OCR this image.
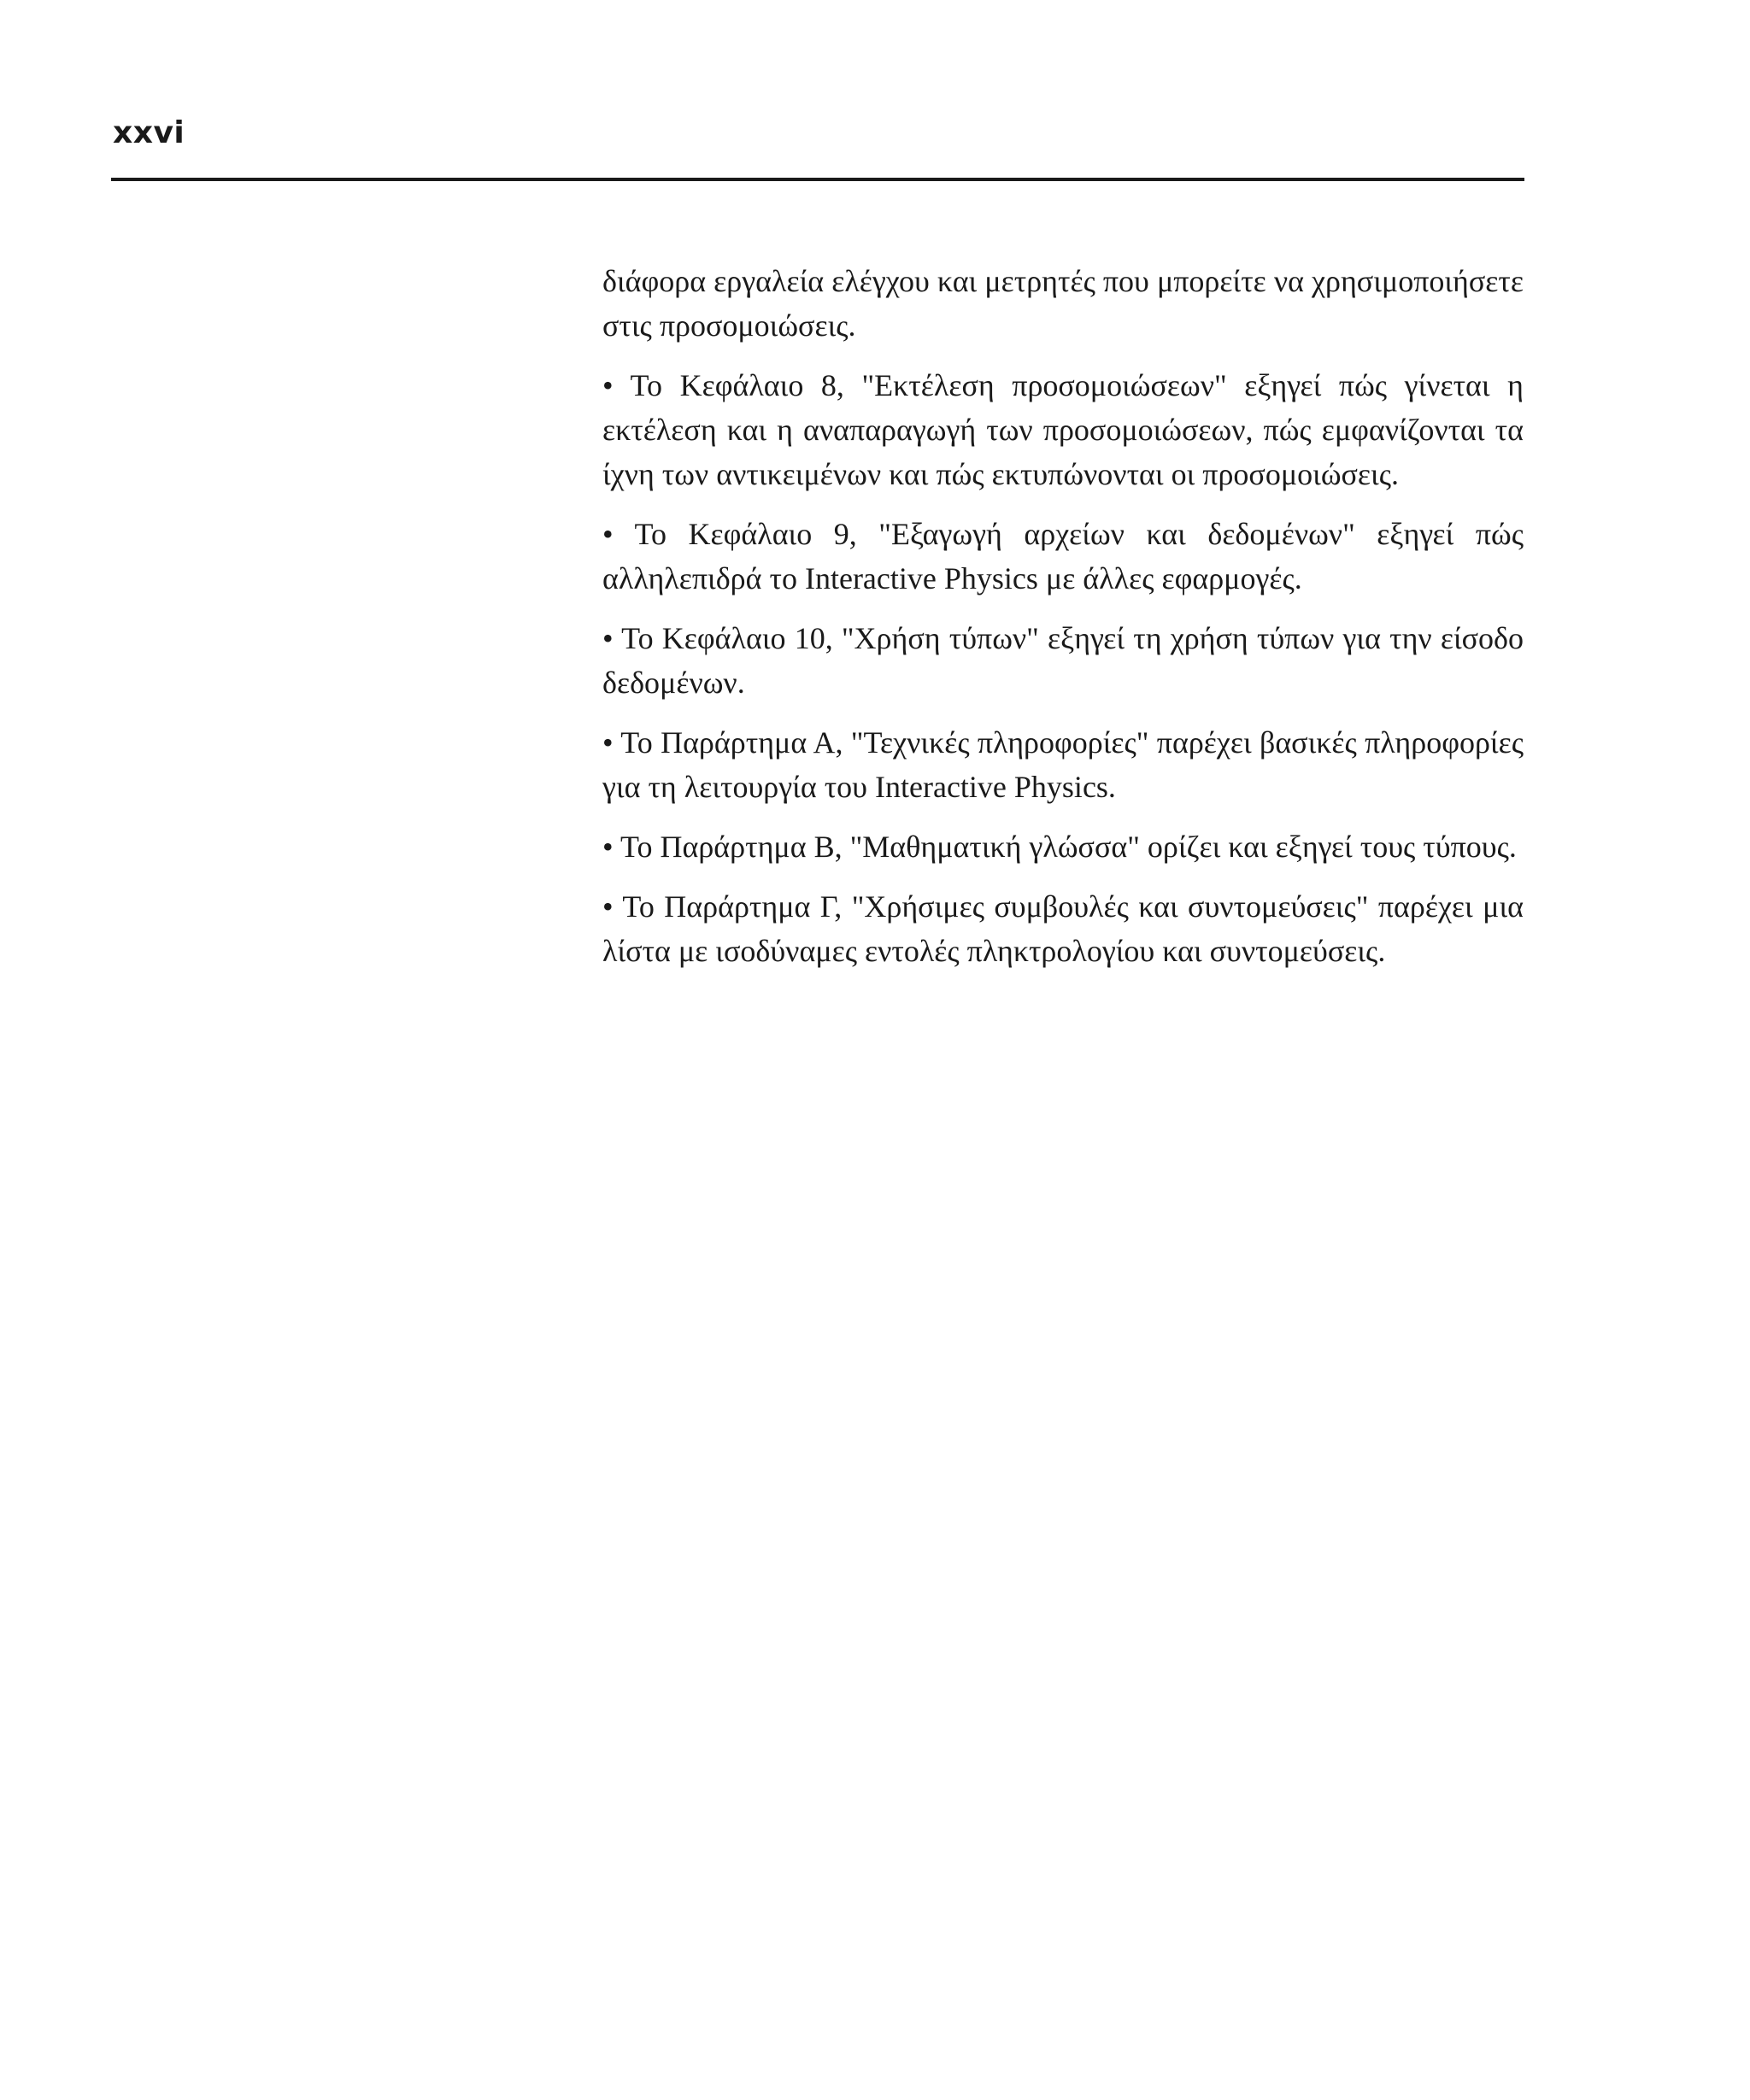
xxvi

διάφορα εργαλεία ελέγχου και μετρητές που μπορείτε να χρησιμοποιήσετε στις προσομοιώσεις.

• Το Κεφάλαιο 8, "Εκτέλεση προσομοιώσεων" εξηγεί πώς γίνεται η εκτέλεση και η αναπαραγωγή των προσομοιώσεων, πώς εμφανίζονται τα ίχνη των αντικειμένων και πώς εκτυπώνονται οι προσομοιώσεις.

• Το Κεφάλαιο 9, "Εξαγωγή αρχείων και δεδομένων" εξηγεί πώς αλληλεπιδρά το Interactive Physics με άλλες εφαρμογές.

• Το Κεφάλαιο 10, "Χρήση τύπων" εξηγεί τη χρήση τύπων για την είσοδο δεδομένων.

• Το Παράρτημα Α, "Τεχνικές πληροφορίες" παρέχει βασικές πληροφορίες για τη λειτουργία του Interactive Physics.

• Το Παράρτημα Β, "Μαθηματική γλώσσα" ορίζει και εξηγεί τους τύπους.

• Το Παράρτημα Γ, "Χρήσιμες συμβουλές και συντομεύσεις" παρέχει μια λίστα με ισοδύναμες εντολές πληκτρολογίου και συντομεύσεις.
